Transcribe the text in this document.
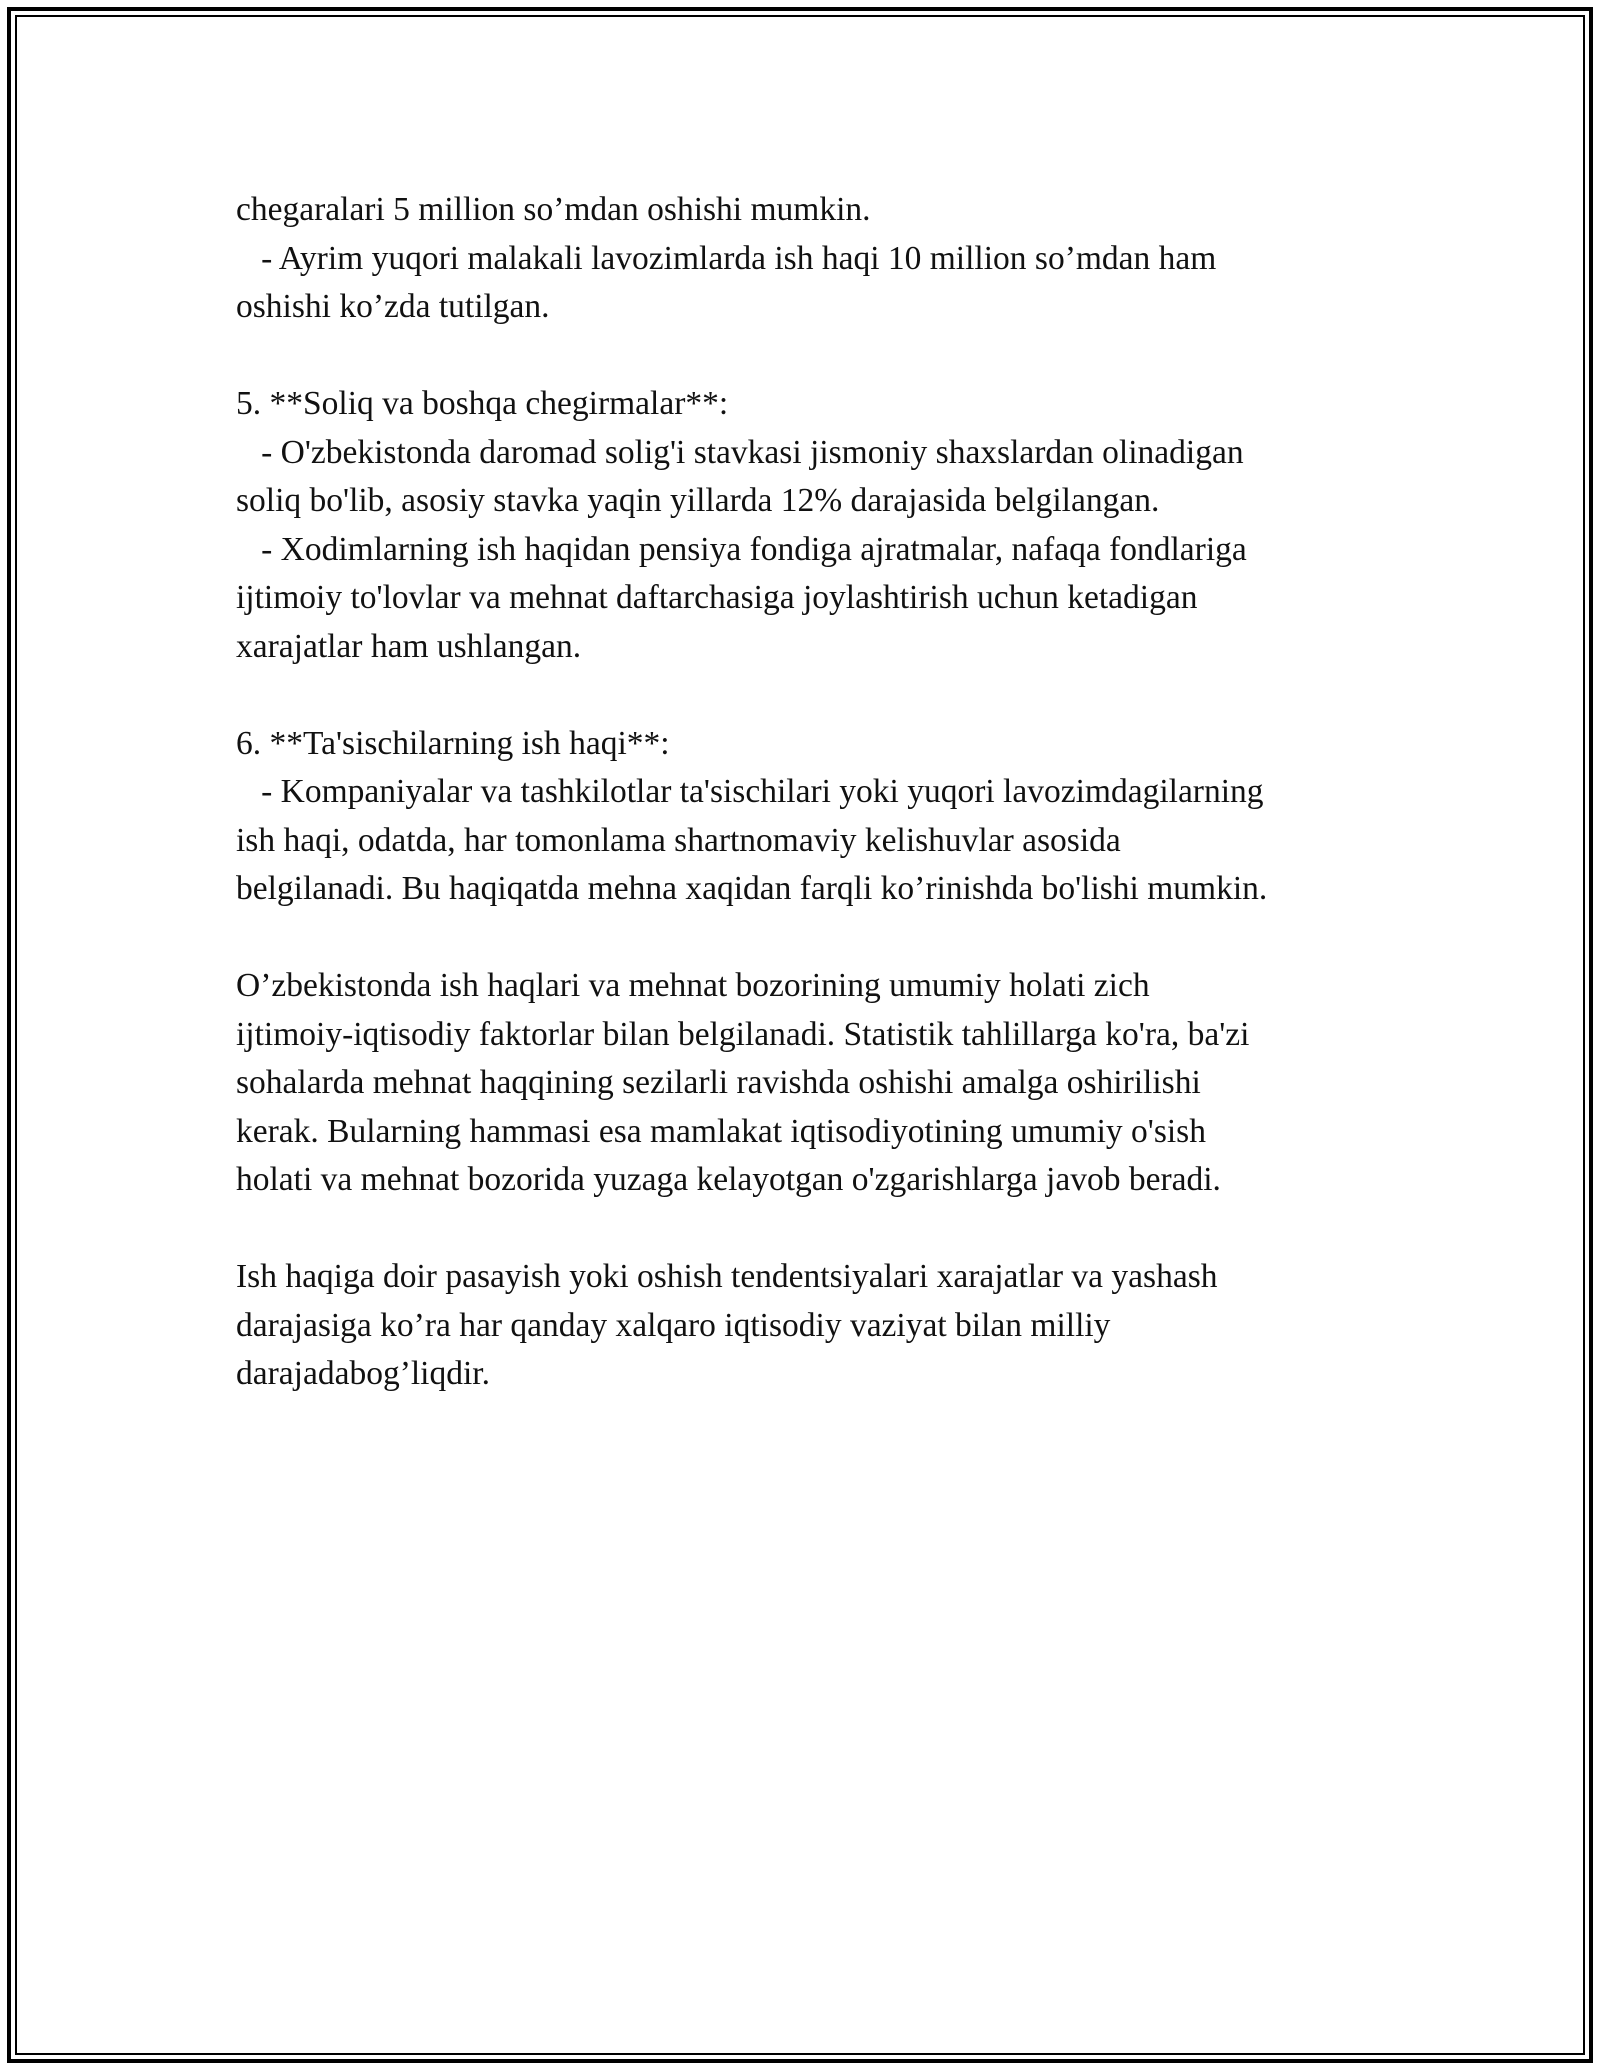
chegaralari 5 million so’mdan oshishi mumkin.
- Ayrim yuqori malakali lavozimlarda ish haqi 10 million so’mdan ham
oshishi ko’zda tutilgan.
5. **Soliq va boshqa chegirmalar**:
- O'zbekistonda daromad solig'i stavkasi jismoniy shaxslardan olinadigan
soliq bo'lib, asosiy stavka yaqin yillarda 12% darajasida belgilangan.
- Xodimlarning ish haqidan pensiya fondiga ajratmalar, nafaqa fondlariga
ijtimoiy to'lovlar va mehnat daftarchasiga joylashtirish uchun ketadigan
xarajatlar ham ushlangan.
6. **Ta'sischilarning ish haqi**:
- Kompaniyalar va tashkilotlar ta'sischilari yoki yuqori lavozimdagilarning
ish haqi, odatda, har tomonlama shartnomaviy kelishuvlar asosida
belgilanadi. Bu haqiqatda mehna xaqidan farqli ko’rinishda bo'lishi mumkin.
O’zbekistonda ish haqlari va mehnat bozorining umumiy holati zich
ijtimoiy-iqtisodiy faktorlar bilan belgilanadi. Statistik tahlillarga ko'ra, ba'zi
sohalarda mehnat haqqining sezilarli ravishda oshishi amalga oshirilishi
kerak. Bularning hammasi esa mamlakat iqtisodiyotining umumiy o'sish
holati va mehnat bozorida yuzaga kelayotgan o'zgarishlarga javob beradi.
Ish haqiga doir pasayish yoki oshish tendentsiyalari xarajatlar va yashash
darajasiga ko’ra har qanday xalqaro iqtisodiy vaziyat bilan milliy
darajadabog’liqdir.
